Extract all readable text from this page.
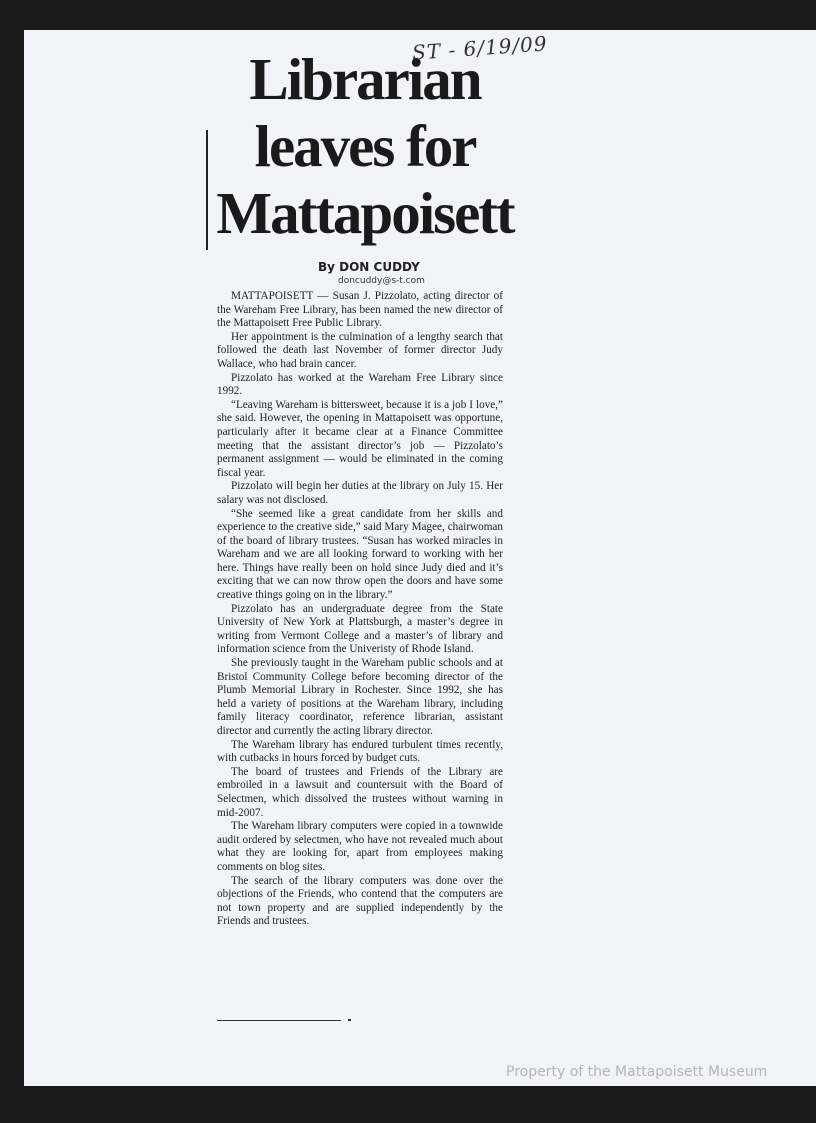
ST - 6/19/09
Librarian leaves for Mattapoisett

By DON CUDDY

doncuddy@s-t.com

MATTAPOISETT — Susan J. Pizzolato, acting director of the Wareham Free Library, has been named the new director of the Mattapoisett Free Public Library.

Her appointment is the culmination of a lengthy search that followed the death last November of former director Judy Wallace, who had brain cancer.

Pizzolato has worked at the Wareham Free Library since 1992.

“Leaving Wareham is bittersweet, because it is a job I love,” she said. However, the opening in Mattapoisett was opportune, particularly after it became clear at a Finance Committee meeting that the assistant director’s job — Pizzolato’s permanent assignment — would be eliminated in the coming fiscal year.

Pizzolato will begin her duties at the library on July 15. Her salary was not disclosed.

“She seemed like a great candidate from her skills and experience to the creative side,” said Mary Magee, chairwoman of the board of library trustees. “Susan has worked miracles in Wareham and we are all looking forward to working with her here. Things have really been on hold since Judy died and it’s exciting that we can now throw open the doors and have some creative things going on in the library.”

Pizzolato has an undergraduate degree from the State University of New York at Plattsburgh, a master’s degree in writing from Vermont College and a master’s of library and information science from the Univeristy of Rhode Island.

She previously taught in the Wareham public schools and at Bristol Community College before becoming director of the Plumb Memorial Library in Rochester. Since 1992, she has held a variety of positions at the Wareham library, including family literacy coordinator, reference librarian, assistant director and currently the acting library director.

The Wareham library has endured turbulent times recently, with cutbacks in hours forced by budget cuts.

The board of trustees and Friends of the Library are embroiled in a lawsuit and countersuit with the Board of Selectmen, which dissolved the trustees without warning in mid-2007.

The Wareham library computers were copied in a townwide audit ordered by selectmen, who have not revealed much about what they are looking for, apart from employees making comments on blog sites.

The search of the library computers was done over the objections of the Friends, who contend that the computers are not town property and are supplied independently by the Friends and trustees.

Property of the Mattapoisett Museum
